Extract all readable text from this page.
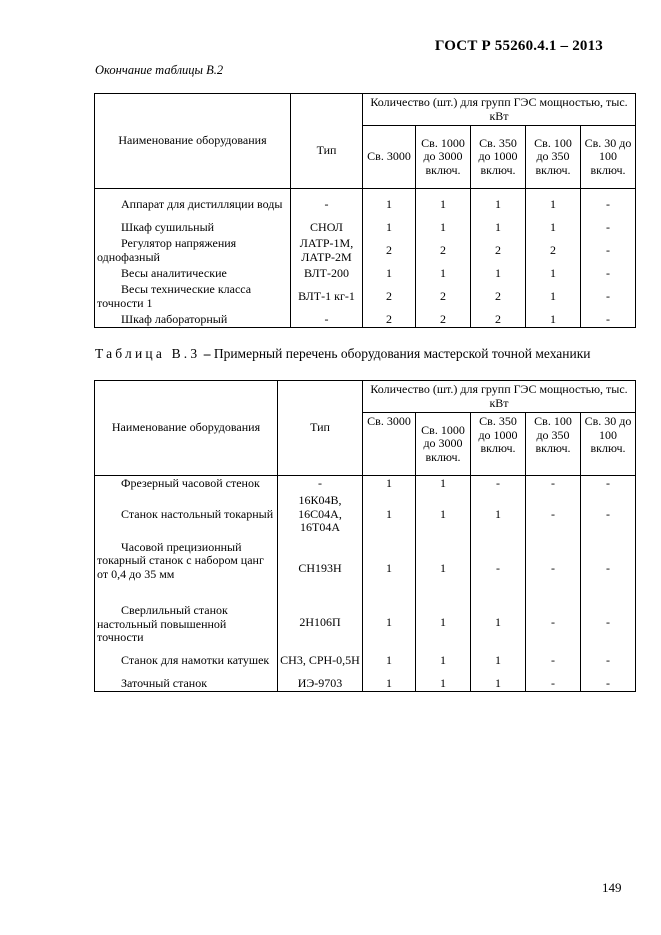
ГОСТ Р 55260.4.1 – 2013
Окончание таблицы В.2
Наименование оборудования	Тип	Количество (шт.) для групп ГЭС мощностью, тыс. кВт				
		Св. 3000	Св. 1000 до 3000 включ.	Св. 350 до 1000 включ.	Св. 100 до 350 включ.	Св. 30 до 100 включ.

Аппарат для дистилляции воды	-	1	1	1	1	-

Шкаф сушильный	СНОЛ	1	1	1	1	-

Регулятор напряжения однофазный	ЛАТР-1М, ЛАТР-2М	2	2	2	2	-

Весы аналитические	ВЛТ-200	1	1	1	1	-

Весы технические класса точности 1	ВЛТ-1 кг-1	2	2	2	1	-

Шкаф лабораторный	-	2	2	2	1	-
Таблица В.3 – Примерный перечень оборудования мастерской точной механики
Наименование оборудования	Тип	Количество (шт.) для групп ГЭС мощностью, тыс. кВт				
		Св. 3000	Св. 1000 до 3000 включ.	Св. 350 до 1000 включ.	Св. 100 до 350 включ.	Св. 30 до 100 включ.

Фрезерный часовой стенок	-	1	1	-	-	-

Станок настольный токарный	16К04В, 16С04А, 16Т04А	1	1	1	-	-

Часовой прецизионный токарный станок с набором цанг от 0,4 до 35 мм	СН193Н	1	1	-	-	-

Сверлильный станок настольный повышенной точности	2Н106П	1	1	1	-	-

Станок для намотки катушек	СН3, СРН-0,5Н	1	1	1	-	-

Заточный станок	ИЭ-9703	1	1	1	-	-
149
